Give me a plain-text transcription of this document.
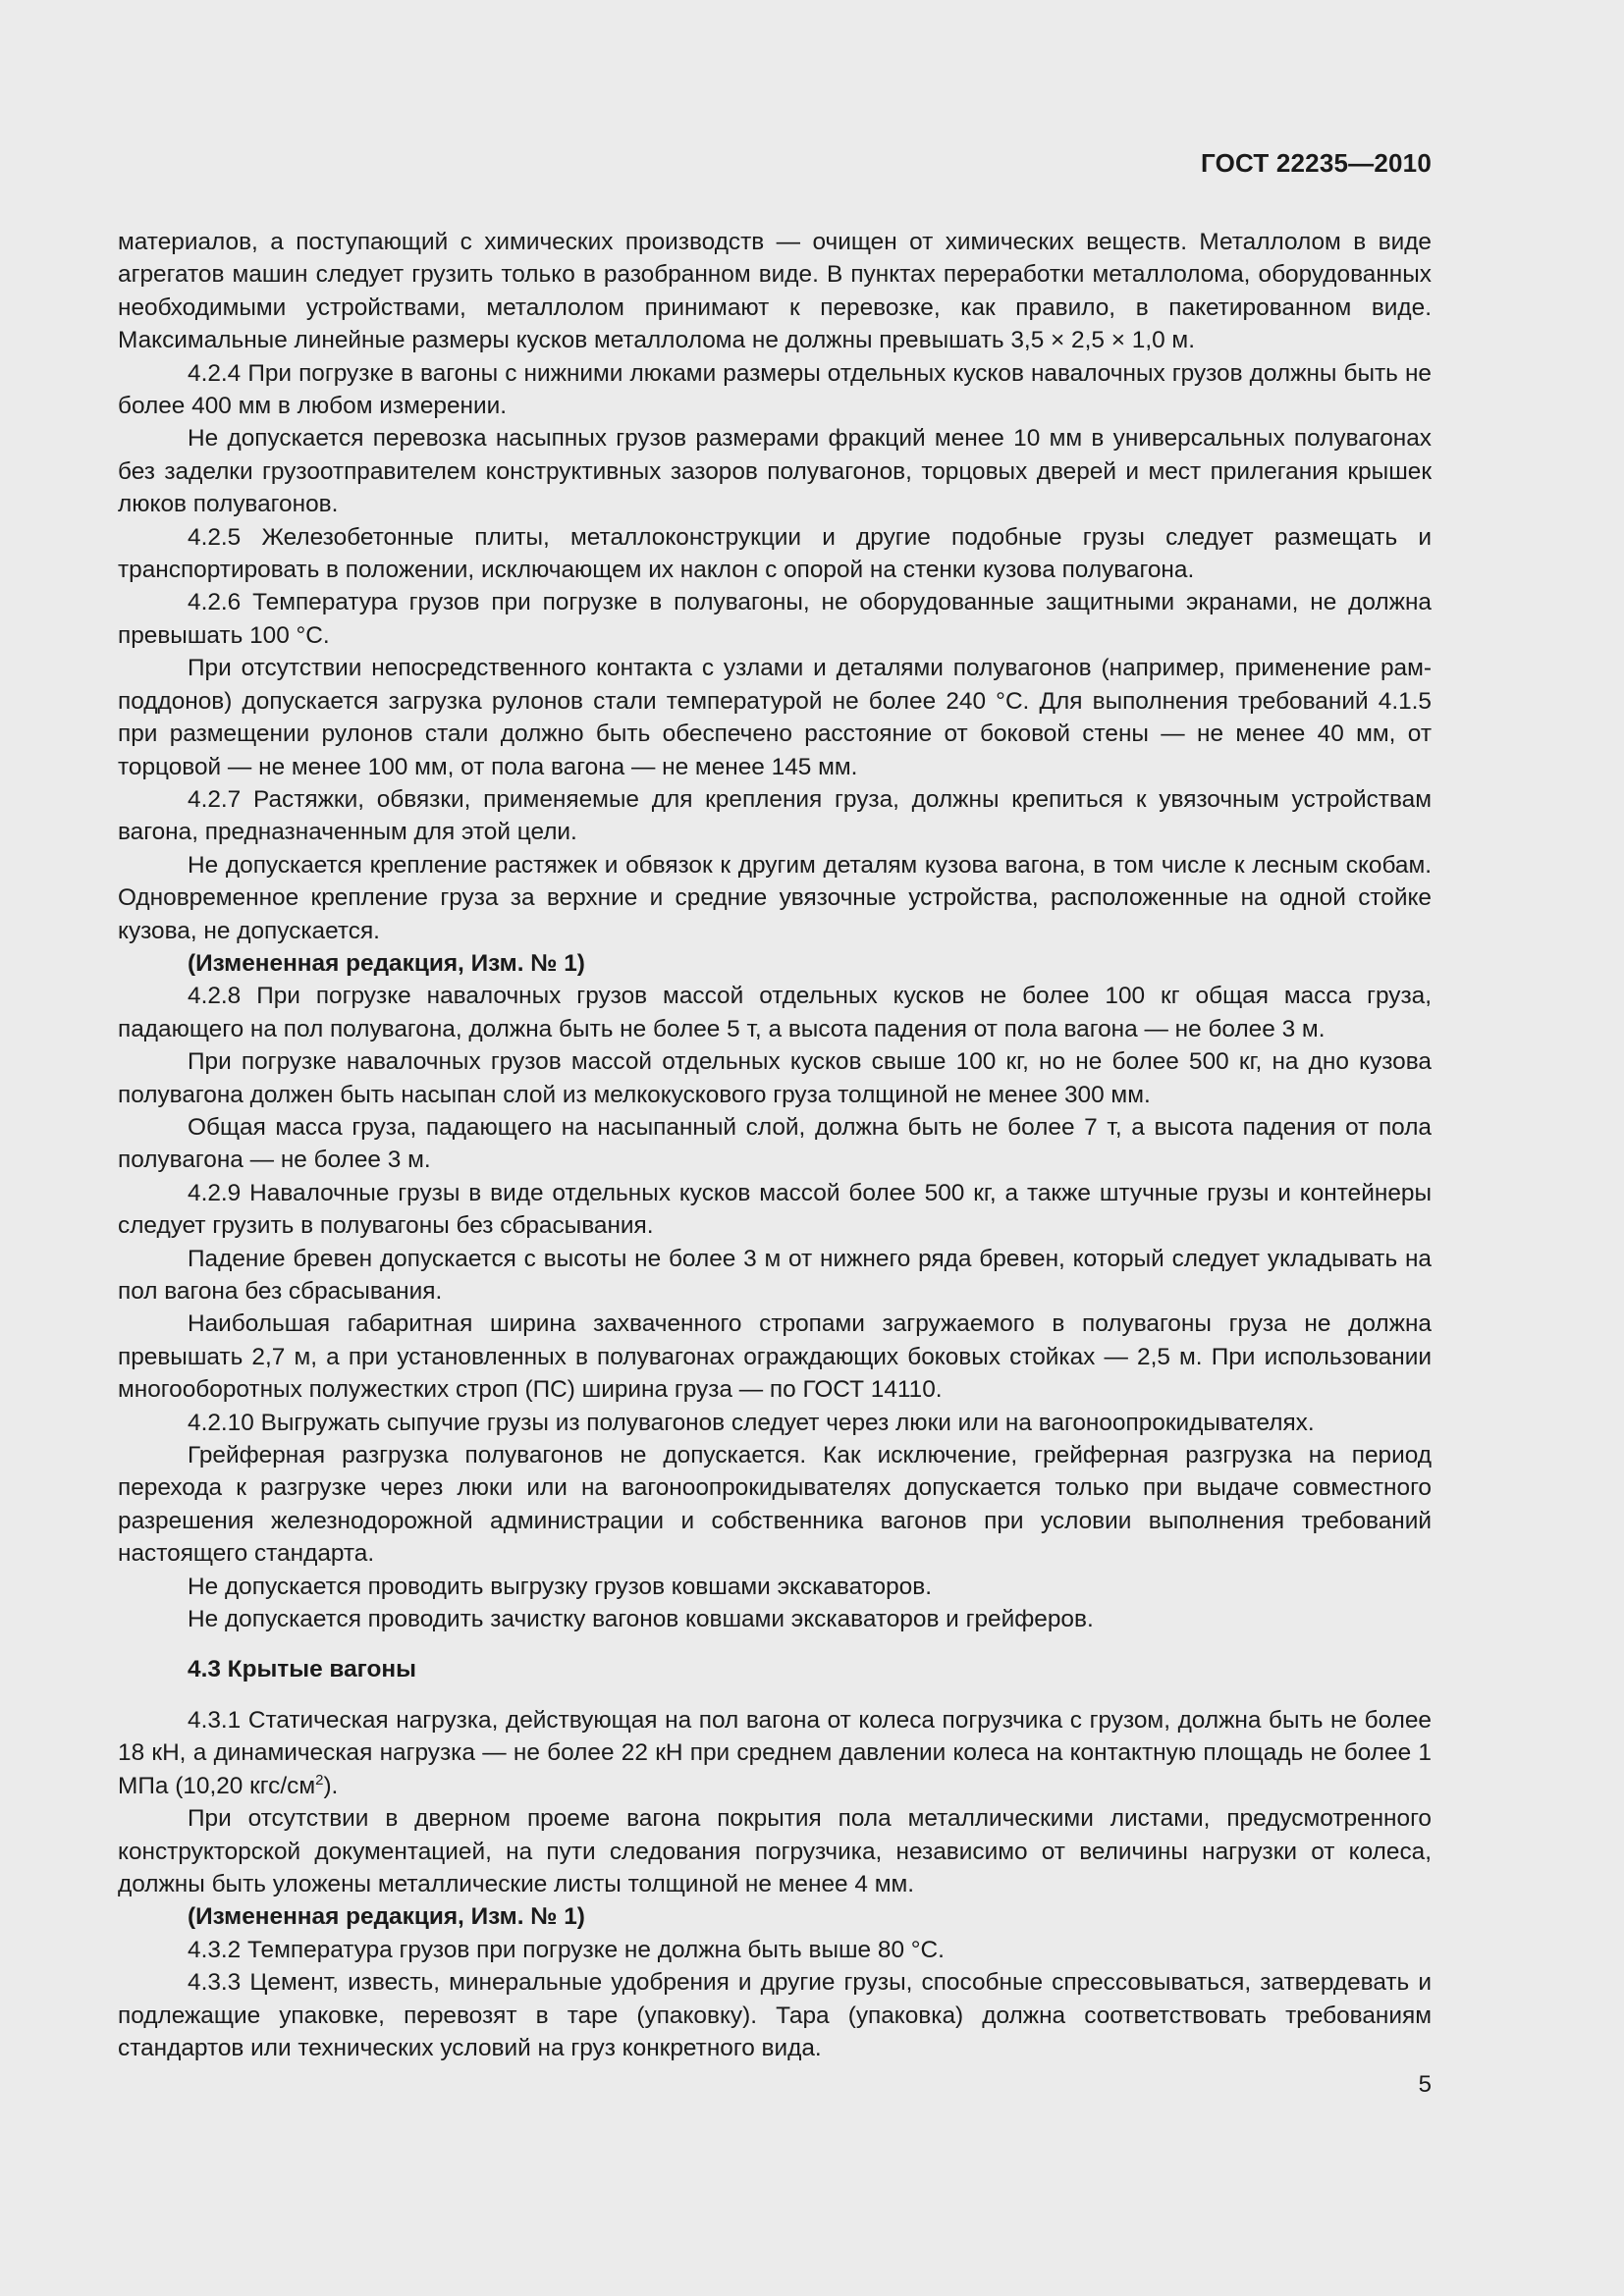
ГОСТ 22235—2010

материалов, а поступающий с химических производств — очищен от химических веществ. Металлолом в виде агрегатов машин следует грузить только в разобранном виде. В пунктах переработки металлолома, оборудованных необходимыми устройствами, металлолом принимают к перевозке, как правило, в пакетированном виде. Максимальные линейные размеры кусков металлолома не должны превышать 3,5 × 2,5 × 1,0 м.

4.2.4 При погрузке в вагоны с нижними люками размеры отдельных кусков навалочных грузов должны быть не более 400 мм в любом измерении.

Не допускается перевозка насыпных грузов размерами фракций менее 10 мм в универсальных полувагонах без заделки грузоотправителем конструктивных зазоров полувагонов, торцовых дверей и мест прилегания крышек люков полувагонов.

4.2.5 Железобетонные плиты, металлоконструкции и другие подобные грузы следует размещать и транспортировать в положении, исключающем их наклон с опорой на стенки кузова полувагона.

4.2.6 Температура грузов при погрузке в полувагоны, не оборудованные защитными экранами, не должна превышать 100 °С.

При отсутствии непосредственного контакта с узлами и деталями полувагонов (например, применение рам-поддонов) допускается загрузка рулонов стали температурой не более 240 °С. Для выполнения требований 4.1.5 при размещении рулонов стали должно быть обеспечено расстояние от боковой стены — не менее 40 мм, от торцовой — не менее 100 мм, от пола вагона — не менее 145 мм.

4.2.7 Растяжки, обвязки, применяемые для крепления груза, должны крепиться к увязочным устройствам вагона, предназначенным для этой цели.

Не допускается крепление растяжек и обвязок к другим деталям кузова вагона, в том числе к лесным скобам. Одновременное крепление груза за верхние и средние увязочные устройства, расположенные на одной стойке кузова, не допускается.

(Измененная редакция, Изм. № 1)

4.2.8 При погрузке навалочных грузов массой отдельных кусков не более 100 кг общая масса груза, падающего на пол полувагона, должна быть не более 5 т, а высота падения от пола вагона — не более 3 м.

При погрузке навалочных грузов массой отдельных кусков свыше 100 кг, но не более 500 кг, на дно кузова полувагона должен быть насыпан слой из мелкокускового груза толщиной не менее 300 мм.

Общая масса груза, падающего на насыпанный слой, должна быть не более 7 т, а высота падения от пола полувагона — не более 3 м.

4.2.9 Навалочные грузы в виде отдельных кусков массой более 500 кг, а также штучные грузы и контейнеры следует грузить в полувагоны без сбрасывания.

Падение бревен допускается с высоты не более 3 м от нижнего ряда бревен, который следует укладывать на пол вагона без сбрасывания.

Наибольшая габаритная ширина захваченного стропами загружаемого в полувагоны груза не должна превышать 2,7 м, а при установленных в полувагонах ограждающих боковых стойках — 2,5 м. При использовании многооборотных полужестких строп (ПС) ширина груза — по ГОСТ 14110.

4.2.10 Выгружать сыпучие грузы из полувагонов следует через люки или на вагоноопрокидывателях.

Грейферная разгрузка полувагонов не допускается. Как исключение, грейферная разгрузка на период перехода к разгрузке через люки или на вагоноопрокидывателях допускается только при выдаче совместного разрешения железнодорожной администрации и собственника вагонов при условии выполнения требований настоящего стандарта.

Не допускается проводить выгрузку грузов ковшами экскаваторов.

Не допускается проводить зачистку вагонов ковшами экскаваторов и грейферов.

4.3 Крытые вагоны

4.3.1 Статическая нагрузка, действующая на пол вагона от колеса погрузчика с грузом, должна быть не более 18 кН, а динамическая нагрузка — не более 22 кН при среднем давлении колеса на контактную площадь не более 1 МПа (10,20 кгс/$см^2$).

При отсутствии в дверном проеме вагона покрытия пола металлическими листами, предусмотренного конструкторской документацией, на пути следования погрузчика, независимо от величины нагрузки от колеса, должны быть уложены металлические листы толщиной не менее 4 мм.

(Измененная редакция, Изм. № 1)

4.3.2 Температура грузов при погрузке не должна быть выше 80 °С.

4.3.3 Цемент, известь, минеральные удобрения и другие грузы, способные спрессовываться, затвердевать и подлежащие упаковке, перевозят в таре (упаковку). Тара (упаковка) должна соответствовать требованиям стандартов или технических условий на груз конкретного вида.

5
